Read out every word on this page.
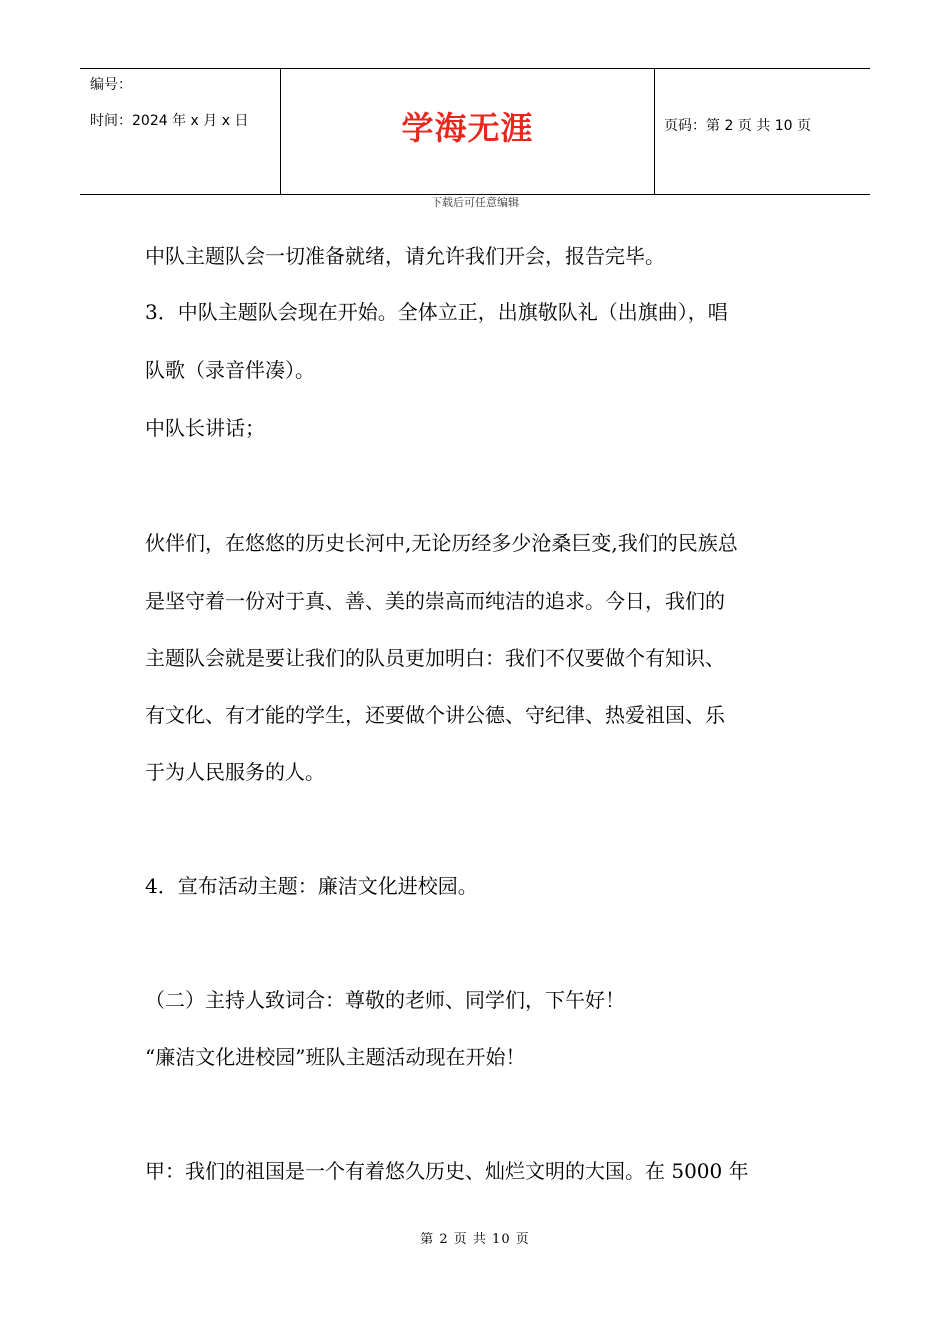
编号：
时间：2024 年 x 月 x 日	学海无涯	页码：第 2 页 共 10 页
下载后可任意编辑
中队主题队会一切准备就绪，请允许我们开会，报告完毕。
3．中队主题队会现在开始。全体立正，出旗敬队礼（出旗曲），唱
队歌（录音伴凑）。
中队长讲话；
伙伴们，在悠悠的历史长河中,无论历经多少沧桑巨变,我们的民族总
是坚守着一份对于真、善、美的崇高而纯洁的追求。今日，我们的
主题队会就是要让我们的队员更加明白：我们不仅要做个有知识、
有文化、有才能的学生，还要做个讲公德、守纪律、热爱祖国、乐
于为人民服务的人。
4．宣布活动主题：廉洁文化进校园。
（二）主持人致词合：尊敬的老师、同学们，下午好！
“廉洁文化进校园”班队主题活动现在开始！
甲：我们的祖国是一个有着悠久历史、灿烂文明的大国。在 5000 年
第 2 页 共 10 页
